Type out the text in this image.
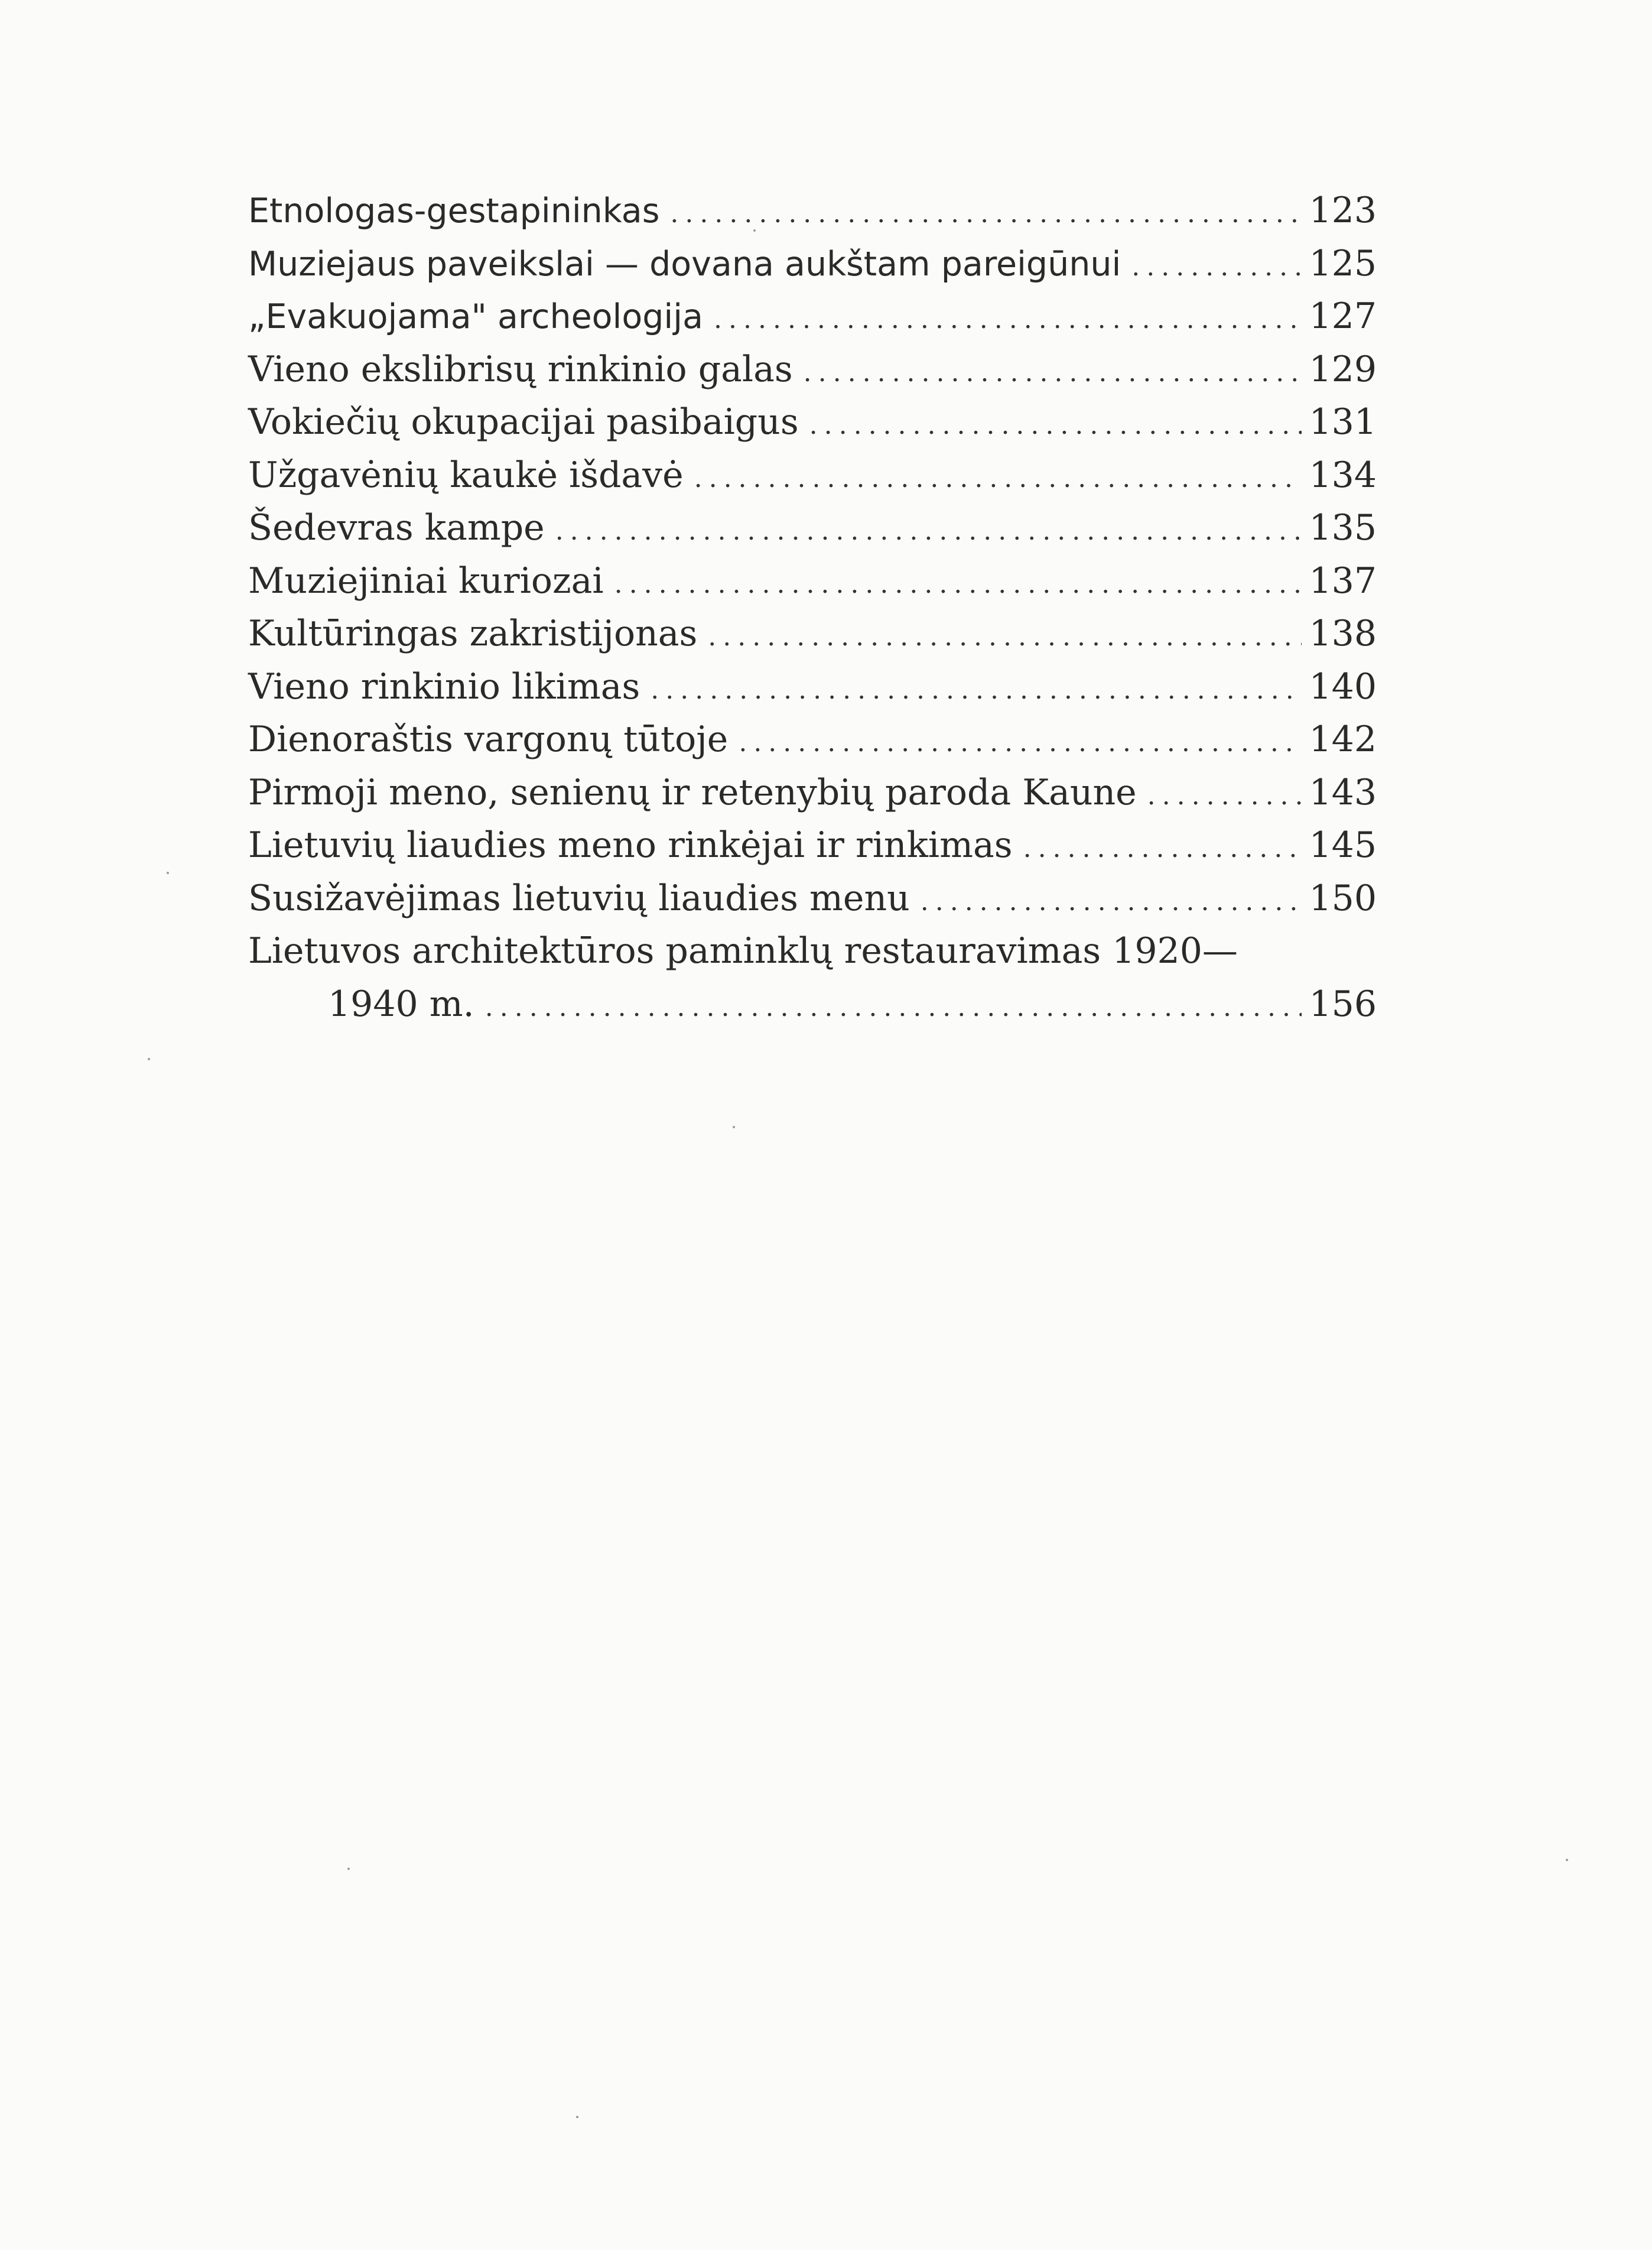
Etnologas-gestapininkas .....	123
Muziejaus paveikslai — dovana aukštam pareigūnui .....	125
„Evakuojama" archeologija .....	127
Vieno ekslibrisų rinkinio galas .....	129
Vokiečių okupacijai pasibaigus .....	131
Užgavėnių kaukė išdavė .....	134
Šedevras kampe .....	135
Muziejiniai kuriozai .....	137
Kultūringas zakristijonas .....	138
Vieno rinkinio likimas .....	140
Dienoraštis vargonų tūtoje .....	142
Pirmoji meno, senienų ir retenybių paroda Kaune .....	143
Lietuvių liaudies meno rinkėjai ir rinkimas .....	145
Susižavėjimas lietuvių liaudies menu .....	150
Lietuvos architektūros paminklų restauravimas 1920—
1940 m. .....	156
